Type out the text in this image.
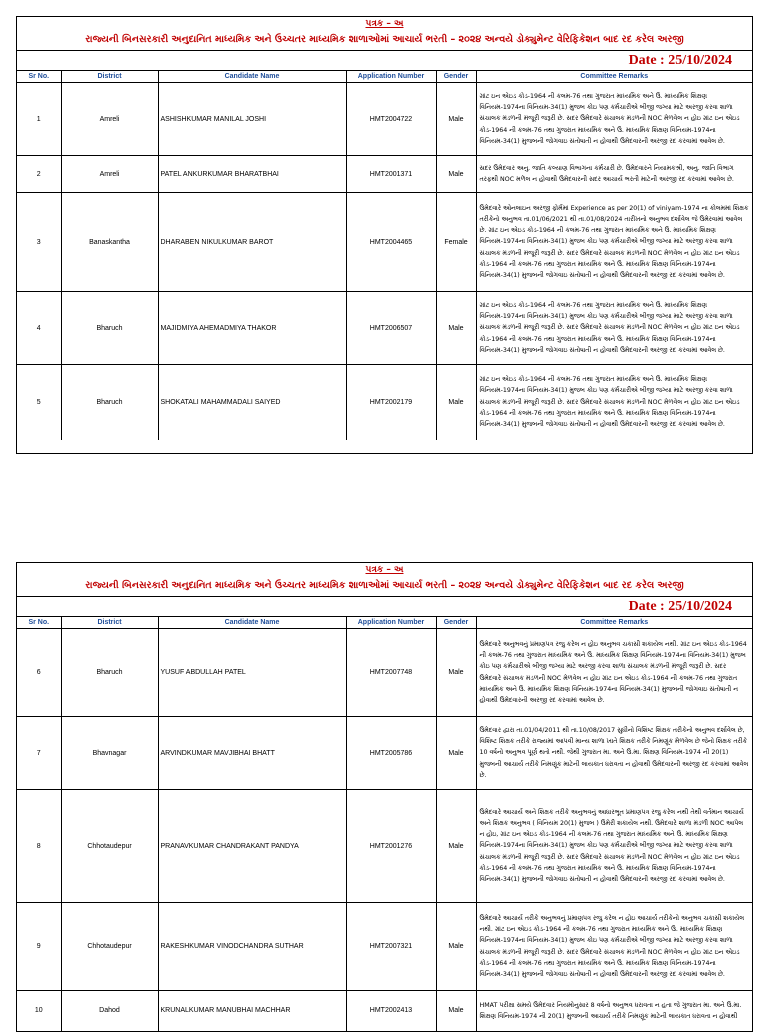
પત્રક – અ
રાજ્યની બિનસરકારી અનુદાનિત માધ્યમિક અને ઉચ્ચતર માધ્યમિક શાળાઓમાં આચાર્ય ભરતી – ૨૦૨૪ અન્વયે ડોક્યુમેન્ટ વેરિફિકેશન બાદ રદ કરેલ અરજી
Date : 25/10/2024
Sr No.	District	Candidate Name	Application Number	Gender	Committee Remarks
1	Amreli	ASHISHKUMAR MANILAL JOSHI	HMT2004722	Male	ગ્રાંટ ઇન એઇડ કોડ-1964 ની કલમ-76 તથા ગુજરાત માધ્યમિક અને ઉ. માધ્યમિક શિક્ષણ વિનિયમ-1974ના વિનિયમ-34(1) મુજબ કોઇ પણ કર્મચારીએ બીજી જગ્યા માટે અરજી કરવા શાળા સંચાલક મંડળની મંજૂરી જરૂરી છે. સદર ઉમેદવારે સંચાલક મંડળની NOC મેળવેલ ન હોઇ ગ્રાંટ ઇન એઇડ કોડ-1964 ની કલમ-76 તથા ગુજરાત માધ્યમિક અને ઉ. માધ્યમિક શિક્ષણ વિનિયમ-1974ના વિનિયમ-34(1) મુજબની જોગવાઇ સંતોષાતી ન હોવાથી ઉમેદવારની અરજી રદ કરવામાં આવેલ છે.
2	Amreli	PATEL ANKURKUMAR BHARATBHAI	HMT2001371	Male	સદર ઉમેદવાર અનુ. જાતિ કલ્યાણ વિભાગના કર્મચારી છે. ઉમેદવારને નિયામકશ્રી, અનુ. જાતિ વિભાગ તરફથી NOC મળેલ ન હોવાથી ઉમેદવારની સદર આચાર્ય ભરતી માટેની અરજી રદ કરવામાં આવેલ છે.
3	Banaskantha	DHARABEN NIKULKUMAR BAROT	HMT2004465	Female	ઉમેદવારે ઓનલાઇન અરજી ફોર્મમાં Experience as per 20(1) of viniyam-1974 ના કોલમમાં શિક્ષક તરીકેનો અનુભવ તા.01/06/2021 થી તા.01/08/2024 તારીખનો અનુભવ દર્શાવેલ જે ઉમેરવામાં આવેલ છે. ગ્રાંટ ઇન એઇડ કોડ-1964 ની કલમ-76 તથા ગુજરાત માધ્યમિક અને ઉ. માધ્યમિક શિક્ષણ વિનિયમ-1974ના વિનિયમ-34(1) મુજબ કોઇ પણ કર્મચારીએ બીજી જગ્યા માટે અરજી કરવા શાળા સંચાલક મંડળની મંજૂરી જરૂરી છે. સદર ઉમેદવારે સંચાલક મંડળની NOC મેળવેલ ન હોઇ ગ્રાંટ ઇન એઇડ કોડ-1964 ની કલમ-76 તથા ગુજરાત માધ્યમિક અને ઉ. માધ્યમિક શિક્ષણ વિનિયમ-1974ના વિનિયમ-34(1) મુજબની જોગવાઇ સંતોષાતી ન હોવાથી ઉમેદવારની અરજી રદ કરવામાં આવેલ છે.
4	Bharuch	MAJIDMIYA AHEMADMIYA THAKOR	HMT2006507	Male	ગ્રાંટ ઇન એઇડ કોડ-1964 ની કલમ-76 તથા ગુજરાત માધ્યમિક અને ઉ. માધ્યમિક શિક્ષણ વિનિયમ-1974ના વિનિયમ-34(1) મુજબ કોઇ પણ કર્મચારીએ બીજી જગ્યા માટે અરજી કરવા શાળા સંચાલક મંડળની મંજૂરી જરૂરી છે. સદર ઉમેદવારે સંચાલક મંડળની NOC મેળવેલ ન હોઇ ગ્રાંટ ઇન એઇડ કોડ-1964 ની કલમ-76 તથા ગુજરાત માધ્યમિક અને ઉ. માધ્યમિક શિક્ષણ વિનિયમ-1974ના વિનિયમ-34(1) મુજબની જોગવાઇ સંતોષાતી ન હોવાથી ઉમેદવારની અરજી રદ કરવામાં આવેલ છે.
5	Bharuch	SHOKATALI MAHAMMADALI SAIYED	HMT2002179	Male	ગ્રાંટ ઇન એઇડ કોડ-1964 ની કલમ-76 તથા ગુજરાત માધ્યમિક અને ઉ. માધ્યમિક શિક્ષણ વિનિયમ-1974ના વિનિયમ-34(1) મુજબ કોઇ પણ કર્મચારીએ બીજી જગ્યા માટે અરજી કરવા શાળા સંચાલક મંડળની મંજૂરી જરૂરી છે. સદર ઉમેદવારે સંચાલક મંડળની NOC મેળવેલ ન હોઇ ગ્રાંટ ઇન એઇડ કોડ-1964 ની કલમ-76 તથા ગુજરાત માધ્યમિક અને ઉ. માધ્યમિક શિક્ષણ વિનિયમ-1974ના વિનિયમ-34(1) મુજબની જોગવાઇ સંતોષાતી ન હોવાથી ઉમેદવારની અરજી રદ કરવામાં આવેલ છે.
પત્રક – અ
રાજ્યની બિનસરકારી અનુદાનિત માધ્યમિક અને ઉચ્ચતર માધ્યમિક શાળાઓમાં આચાર્ય ભરતી – ૨૦૨૪ અન્વયે ડોક્યુમેન્ટ વેરિફિકેશન બાદ રદ કરેલ અરજી
Date : 25/10/2024
Sr No.	District	Candidate Name	Application Number	Gender	Committee Remarks
6	Bharuch	YUSUF ABDULLAH PATEL	HMT2007748	Male	ઉમેદવારે અનુભવનું પ્રમાણપત્ર રજુ કરેલ ન હોઇ અનુભવ ચકાસી શકાયેલ નથી. ગ્રાંટ ઇન એઇડ કોડ-1964 ની કલમ-76 તથા ગુજરાત માધ્યમિક અને ઉ. માધ્યમિક શિક્ષણ વિનિયમ-1974ના વિનિયમ-34(1) મુજબ કોઇ પણ કર્મચારીએ બીજી જગ્યા માટે અરજી કરવા શાળા સંચાલક મંડળની મંજૂરી જરૂરી છે. સદર ઉમેદવારે સંચાલક મંડળની NOC મેળવેલ ન હોઇ ગ્રાંટ ઇન એઇડ કોડ-1964 ની કલમ-76 તથા ગુજરાત માધ્યમિક અને ઉ. માધ્યમિક શિક્ષણ વિનિયમ-1974ના વિનિયમ-34(1) મુજબની જોગવાઇ સંતોષાતી ન હોવાથી ઉમેદવારની અરજી રદ કરવામાં આવેલ છે.
7	Bhavnagar	ARVINDKUMAR MAVJIBHAI BHATT	HMT2005786	Male	ઉમેદવાર દ્વારા તા.01/04/2011 થી તા.10/08/2017 સુધીનો વિશિષ્ટ શિક્ષક તરીકેનો અનુભવ દર્શાવેલ છે, વિશિષ્ટ શિક્ષક તરીકે રાજ્યમાં આપવી માન્ય શાળા ખાતે શિક્ષક તરીકે નિમણૂંક મેળવેલ છે જેનો શિક્ષક તરીકે 10 વર્ષનો અનુભવ પૂર્ણ થતો નથી. જેથી ગુજરાત મા. અને ઉ.મા. શિક્ષણ વિનિયમ-1974 ની 20(1) મુજબની આચાર્ય તરીકે નિમણૂંક માટેની લાયકાત ધરાવતા ન હોવાથી ઉમેદવારની અરજી રદ કરવામાં આવેલ છે.
8	Chhotaudepur	PRANAVKUMAR CHANDRAKANT PANDYA	HMT2001276	Male	ઉમેદવારે આચાર્ય અને શિક્ષક તરીકે અનુભવનું આધારભૂત પ્રમાણપત્ર રજુ કરેલ નથી તેથી વર્તમાન આચાર્ય અને શિક્ષક અનુભવ ( વિનિયમ 20(1) મુજબ ) ઉમેરી શકાયેલ નથી. ઉમેદવારે શાળા મંડળી NOC આપેલ ન હોઇ, ગ્રાંટ ઇન એઇડ કોડ-1964 ની કલમ-76 તથા ગુજરાત માધ્યમિક અને ઉ. માધ્યમિક શિક્ષણ વિનિયમ-1974ના વિનિયમ-34(1) મુજબ કોઇ પણ કર્મચારીએ બીજી જગ્યા માટે અરજી કરવા શાળા સંચાલક મંડળની મંજૂરી જરૂરી છે. સદર ઉમેદવારે સંચાલક મંડળની NOC મેળવેલ ન હોઇ ગ્રાંટ ઇન એઇડ કોડ-1964 ની કલમ-76 તથા ગુજરાત માધ્યમિક અને ઉ. માધ્યમિક શિક્ષણ વિનિયમ-1974ના વિનિયમ-34(1) મુજબની જોગવાઇ સંતોષાતી ન હોવાથી ઉમેદવારની અરજી રદ કરવામાં આવેલ છે.
9	Chhotaudepur	RAKESHKUMAR VINODCHANDRA SUTHAR	HMT2007321	Male	ઉમેદવારે આચાર્ય તરીકે અનુભવનું પ્રમાણપત્ર રજુ કરેલ ન હોઇ આચાર્ય તરીકેનો અનુભવ ચકાસી શકાયેલ નથી. ગ્રાંટ ઇન એઇડ કોડ-1964 ની કલમ-76 તથા ગુજરાત માધ્યમિક અને ઉ. માધ્યમિક શિક્ષણ વિનિયમ-1974ના વિનિયમ-34(1) મુજબ કોઇ પણ કર્મચારીએ બીજી જગ્યા માટે અરજી કરવા શાળા સંચાલક મંડળની મંજૂરી જરૂરી છે. સદર ઉમેદવારે સંચાલક મંડળની NOC મેળવેલ ન હોઇ ગ્રાંટ ઇન એઇડ કોડ-1964 ની કલમ-76 તથા ગુજરાત માધ્યમિક અને ઉ. માધ્યમિક શિક્ષણ વિનિયમ-1974ના વિનિયમ-34(1) મુજબની જોગવાઇ સંતોષાતી ન હોવાથી ઉમેદવારની અરજી રદ કરવામાં આવેલ છે.
10	Dahod	KRUNALKUMAR MANUBHAI MACHHAR	HMT2002413	Male	HMAT પરીક્ષા સમયે ઉમેદવાર નિયમોનુસાર 8 વર્ષનો અનુભવ ધરાવતા ન હતા જે ગુજરાત મા. અને ઉ.મા. શિક્ષણ વિનિયમ-1974 ની 20(1) મુજબની આચાર્ય તરીકે નિમણૂંક માટેની લાયકાત ધરાવતા ન હોવાથી
